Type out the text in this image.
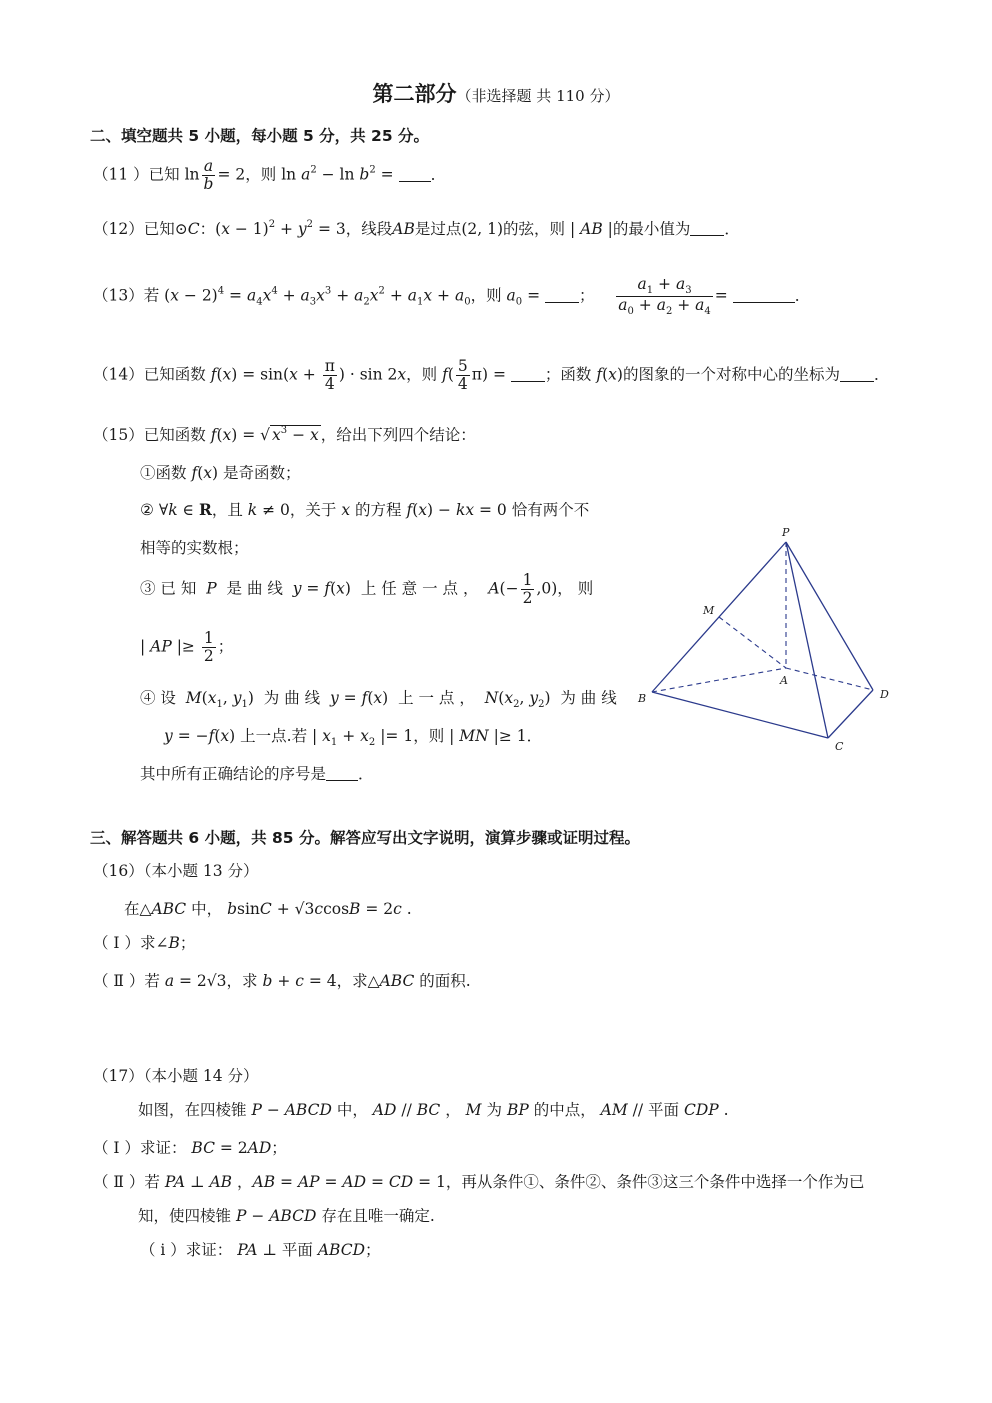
第二部分（非选择题 共 110 分）
二、填空题共 5 小题，每小题 5 分，共 25 分。
（11 ）已知 $\ln \frac{a}{b} = 2$，则 $\ln a^2 - \ln b^2$ = ．
（12）已知⊙C：$(x - 1)^2 + y^2 = 3$，线段AB是过点(2, 1)的弦，则 | AB |的最小值为 ．
（13）若 $(x - 2)^4 = a_4x^4 + a_3x^3 + a_2x^2 + a_1x + a_0$，则 $a_0$ = ； $\frac{a_1 + a_3}{a_0 + a_2 + a_4}$ =	．
（14）已知函数 $f(x) = \sin(x + \frac{\pi}{4}$ ) · sin 2x，则 $f( \frac{5}{4} \pi)$ = ；函数 f(x)的图象的一个对称中心的坐标为 ．
（15）已知函数 f(x) = √ $x^3 - x$ ，给出下列四个结论：
①函数 f(x) 是奇函数；
② ∀k ∈ R，且 k ≠ 0，关于 x 的方程 f(x) − kx = 0 恰有两个不
相等的实数根；
③ 已 知 P 是 曲 线 y = f(x)  上 任 意 一 点 ， $A(- \frac{1}{2} ,0)$， 则
| AP |≥ $\frac{1}{2}$ ；
④ 设 $M(x_1$, $y_1$)  为 曲 线 y = f(x)  上 一 点 ， $N(x_2$, $y_2$)  为 曲 线
y = −f(x) 上一点.若 | $x_1 + x_2$ |= 1，则 | MN |≥ 1．
其中所有正确结论的序号是 ．
P
M
A
B
C
D
三、解答题共 6 小题，共 85 分。解答应写出文字说明，演算步骤或证明过程。
（16）（本小题 13 分）
在△ABC 中， bsinC + √3ccosB = 2c .
（ Ⅰ ）求∠B；
（ Ⅱ ）若 a = 2√3，求 b + c = 4，求△ABC 的面积.
（17）（本小题 14 分）
如图，在四棱锥 P − ABCD 中， AD // BC ， M 为 BP 的中点， AM // 平面 CDP .
（ Ⅰ ）求证： BC = 2AD；
（ Ⅱ ）若 PA ⊥ AB ，AB = AP = AD = CD = 1，再从条件①、条件②、条件③这三个条件中选择一个作为已
知，使四棱锥 P − ABCD 存在且唯一确定.
（ i ）求证： PA ⊥ 平面 ABCD；
